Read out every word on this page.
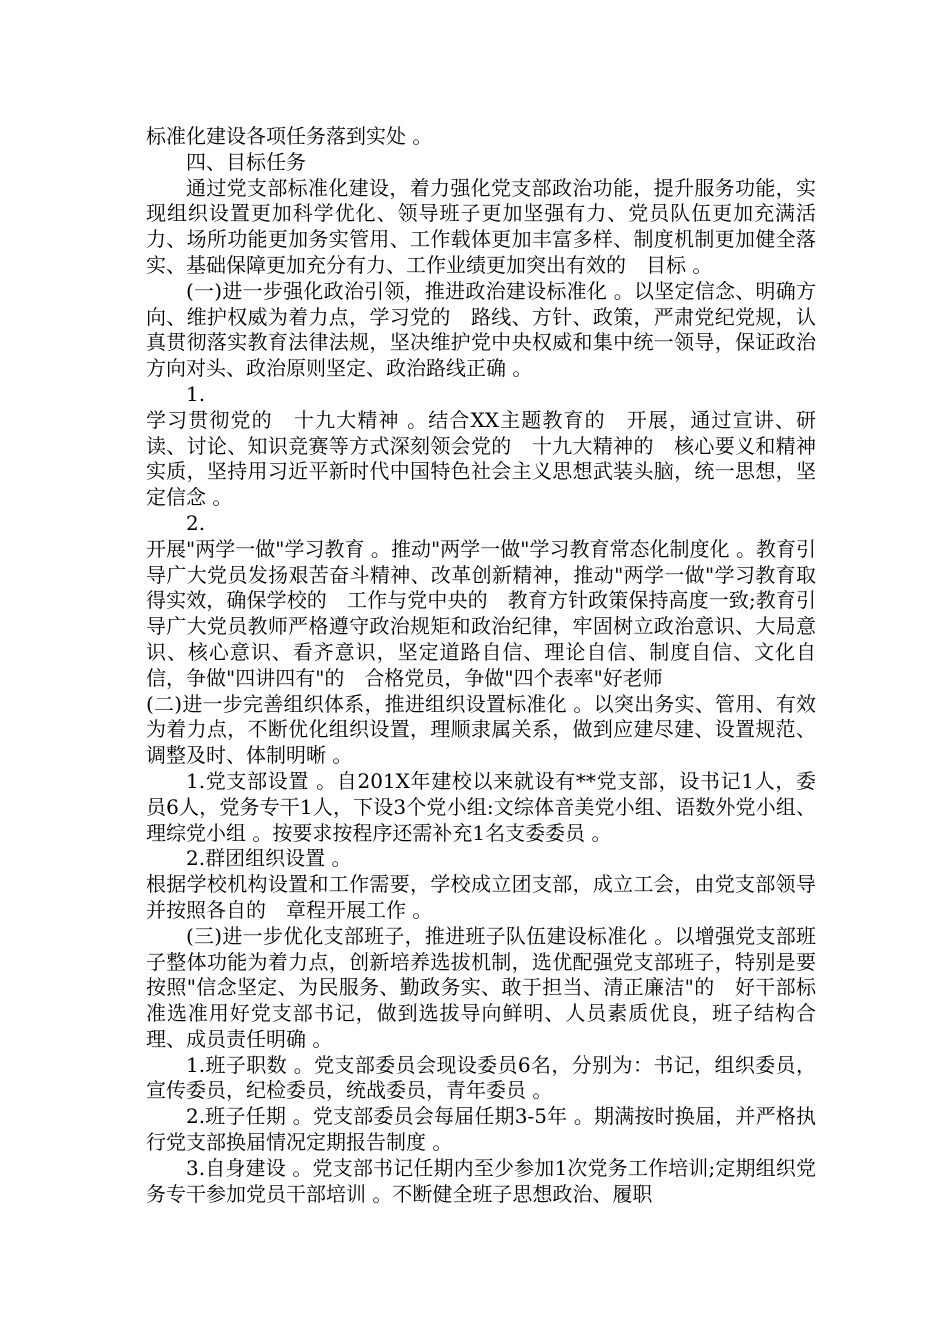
标准化建设各项任务落到实处 。

四、目标任务

通过党支部标准化建设，着力强化党支部政治功能，提升服务功能，实现组织设置更加科学优化、领导班子更加坚强有力、党员队伍更加充满活力、场所功能更加务实管用、工作载体更加丰富多样、制度机制更加健全落实、基础保障更加充分有力、工作业绩更加突出有效的　目标 。

(一)进一步强化政治引领，推进政治建设标准化 。以坚定信念、明确方向、维护权威为着力点，学习党的　路线、方针、政策，严肃党纪党规，认真贯彻落实教育法律法规，坚决维护党中央权威和集中统一领导，保证政治方向对头、政治原则坚定、政治路线正确 。

1.

学习贯彻党的　十九大精神 。结合XX主题教育的　开展，通过宣讲、研读、讨论、知识竞赛等方式深刻领会党的　十九大精神的　核心要义和精神实质，坚持用习近平新时代中国特色社会主义思想武装头脑，统一思想，坚定信念 。

2.

开展"两学一做"学习教育 。推动"两学一做"学习教育常态化制度化 。教育引导广大党员发扬艰苦奋斗精神、改革创新精神，推动"两学一做"学习教育取得实效，确保学校的　工作与党中央的　教育方针政策保持高度一致;教育引导广大党员教师严格遵守政治规矩和政治纪律，牢固树立政治意识、大局意识、核心意识、看齐意识，坚定道路自信、理论自信、制度自信、文化自信，争做"四讲四有"的　合格党员，争做"四个表率"好老师

(二)进一步完善组织体系，推进组织设置标准化 。以突出务实、管用、有效为着力点，不断优化组织设置，理顺隶属关系，做到应建尽建、设置规范、调整及时、体制明晰 。

1.党支部设置 。自201X年建校以来就设有**党支部，设书记1人，委员6人，党务专干1人，下设3个党小组:文综体音美党小组、语数外党小组、理综党小组 。按要求按程序还需补充1名支委委员 。

2.群团组织设置 。

根据学校机构设置和工作需要，学校成立团支部，成立工会，由党支部领导并按照各自的　章程开展工作 。

(三)进一步优化支部班子，推进班子队伍建设标准化 。以增强党支部班子整体功能为着力点，创新培养选拔机制，选优配强党支部班子，特别是要按照"信念坚定、为民服务、勤政务实、敢于担当、清正廉洁"的　好干部标准选准用好党支部书记，做到选拔导向鲜明、人员素质优良，班子结构合理、成员责任明确 。

1.班子职数 。党支部委员会现设委员6名，分别为：书记，组织委员，宣传委员，纪检委员，统战委员，青年委员 。

2.班子任期 。党支部委员会每届任期3-5年 。期满按时换届，并严格执行党支部换届情况定期报告制度 。

3.自身建设 。党支部书记任期内至少参加1次党务工作培训;定期组织党务专干参加党员干部培训 。不断健全班子思想政治、履职
